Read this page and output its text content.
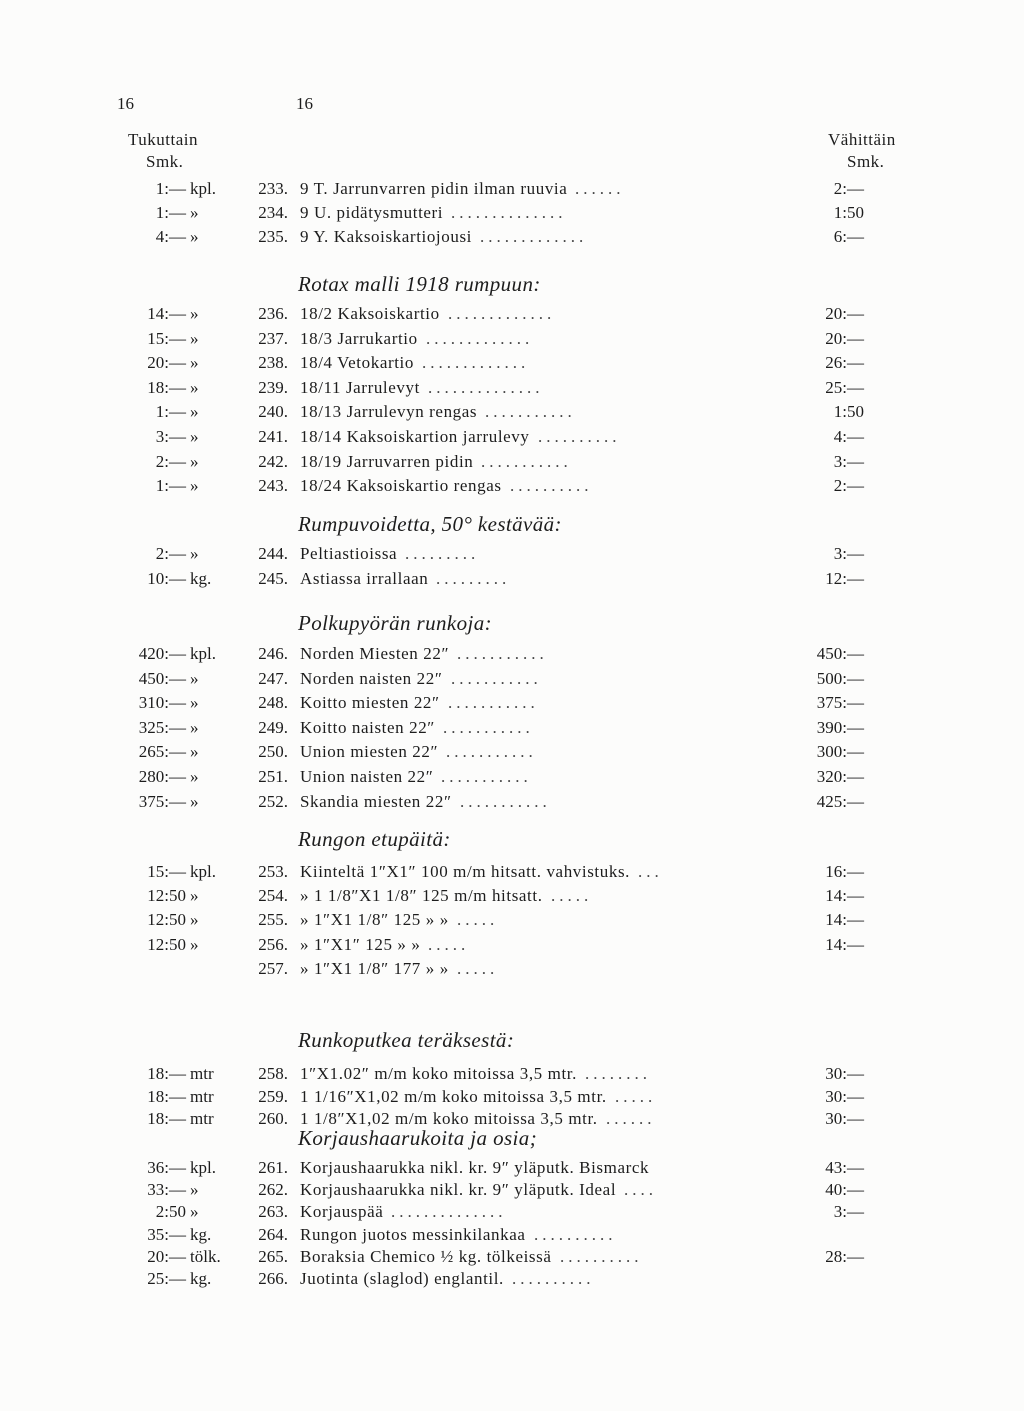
16	16
Tukuttain
Smk.
Vähittäin
Smk.
1:— kpl.	233. 9 T. Jarrunvarren pidin ilman ruuvia ......	2:—
1:— »	234. 9 U. pidätysmutteri ..............	1:50
4:— »	235. 9 Y. Kaksoiskartiojousi .............	6:—
Rotax malli 1918 rumpuun:
14:— »	236. 18/2 Kaksoiskartio .............	20:—
15:— »	237. 18/3 Jarrukartio .............	20:—
20:— »	238. 18/4 Vetokartio .............	26:—
18:— »	239. 18/11 Jarrulevyt ..............	25:—
1:— »	240. 18/13 Jarrulevyn rengas ...........	1:50
3:— »	241. 18/14 Kaksoiskartion jarrulevy ..........	4:—
2:— »	242. 18/19 Jarruvarren pidin ...........	3:—
1:— »	243. 18/24 Kaksoiskartio rengas ..........	2:—
Rumpuvoidetta, 50° kestävää:
2:— »	244. Peltiastioissa .........	3:—
10:— kg.	245. Astiassa irrallaan .........	12:—
Polkupyörän runkoja:
420:— kpl.	246. Norden Miesten 22″ ...........	450:—
450:— »	247. Norden naisten 22″ ...........	500:—
310:— »	248. Koitto miesten 22″ ...........	375:—
325:— »	249. Koitto naisten 22″ ...........	390:—
265:— »	250. Union miesten 22″ ...........	300:—
280:— »	251. Union naisten 22″ ...........	320:—
375:— »	252. Skandia miesten 22″ ...........	425:—
Rungon etupäitä:
15:— kpl.	253. Kiinteltä 1″X1″ 100 m/m hitsatt. vahvistuks. ...	16:—
12:50 »	254. » 1 1/8″X1 1/8″ 125 m/m hitsatt. .....	14:—
12:50 »	255. » 1″X1 1/8″ 125 » » .....	14:—
12:50 »	256. » 1″X1″ 125 » » .....	14:—
257. » 1″X1 1/8″ 177 » » .....
Runkoputkea teräksestä:
18:— mtr	258. 1″X1.02″ m/m koko mitoissa 3,5 mtr. ........	30:—
18:— mtr	259. 1 1/16″X1,02 m/m koko mitoissa 3,5 mtr. .....	30:—
18:— mtr	260. 1 1/8″X1,02 m/m koko mitoissa 3,5 mtr. ......	30:—
Korjaushaarukoita ja osia;
36:— kpl.	261. Korjaushaarukka nikl. kr. 9″ yläputk. Bismarck	43:—
33:— »	262. Korjaushaarukka nikl. kr. 9″ yläputk. Ideal ....	40:—
2:50 »	263. Korjauspää ..............	3:—
35:— kg.	264. Rungon juotos messinkilankaa ..........
20:— tölk.	265. Boraksia Chemico ½ kg. tölkeissä ..........	28:—
25:— kg.	266. Juotinta (slaglod) englantil. ..........
